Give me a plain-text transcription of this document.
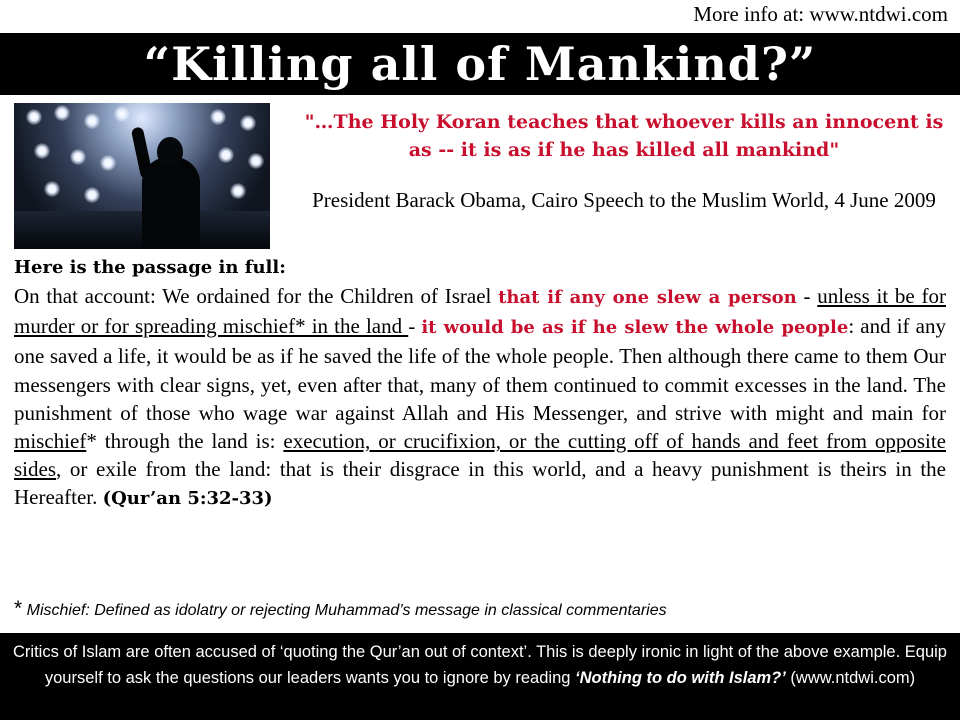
More info at: www.ntdwi.com
“Killing all of Mankind?”

"…The Holy Koran teaches that whoever kills an innocent is as -- it is as if he has killed all mankind"

President Barack Obama, Cairo Speech to the Muslim World, 4 June 2009

Here is the passage in full:
On that account: We ordained for the Children of Israel that if any one slew a person - unless it be for murder or for spreading mischief* in the land - it would be as if he slew the whole people: and if any one saved a life, it would be as if he saved the life of the whole people. Then although there came to them Our messengers with clear signs, yet, even after that, many of them continued to commit excesses in the land. The punishment of those who wage war against Allah and His Messenger, and strive with might and main for mischief* through the land is: execution, or crucifixion, or the cutting off of hands and feet from opposite sides, or exile from the land: that is their disgrace in this world, and a heavy punishment is theirs in the Hereafter. (Qur’an 5:32-33)

* Mischief: Defined as idolatry or rejecting Muhammad’s message in classical commentaries

Critics of Islam are often accused of ‘quoting the Qur’an out of context’. This is deeply ironic in light of the above example. Equip yourself to ask the questions our leaders wants you to ignore by reading ‘Nothing to do with Islam?’ (www.ntdwi.com)
